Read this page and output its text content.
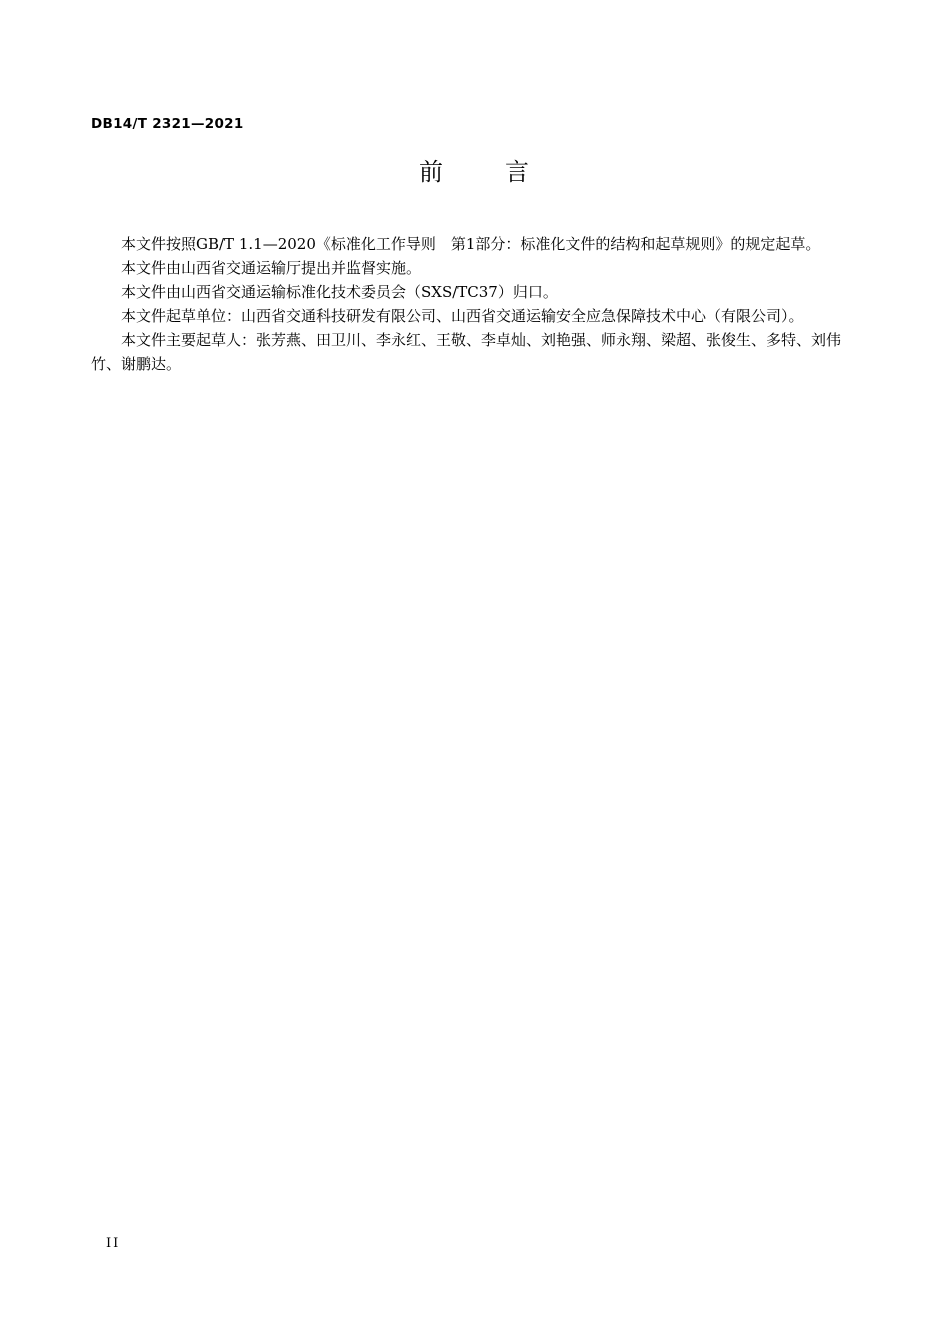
DB14/T 2321—2021
前	言

本文件按照GB/T 1.1—2020《标准化工作导则　第1部分：标准化文件的结构和起草规则》的规定起草。

本文件由山西省交通运输厅提出并监督实施。

本文件由山西省交通运输标准化技术委员会（SXS/TC37）归口。

本文件起草单位：山西省交通科技研发有限公司、山西省交通运输安全应急保障技术中心（有限公司）。

本文件主要起草人：张芳燕、田卫川、李永红、王敬、李卓灿、刘艳强、师永翔、梁超、张俊生、多特、刘伟竹、谢鹏达。

II
